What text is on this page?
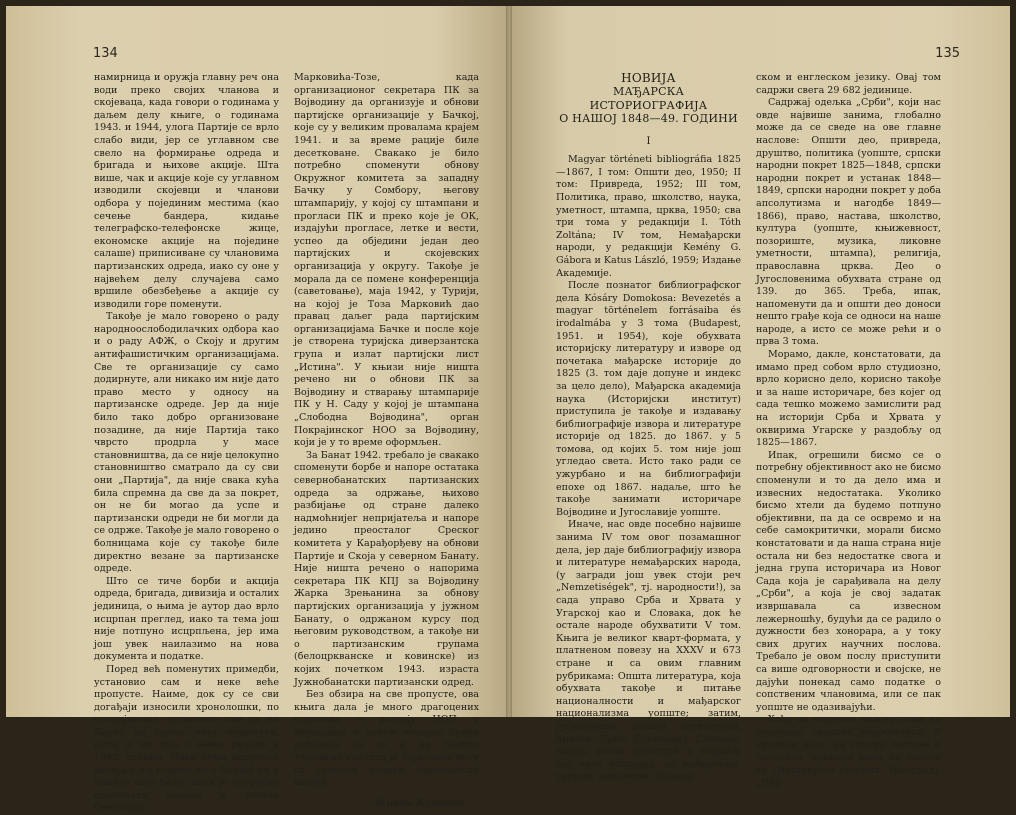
134

намирница и оружја главну реч она води преко својих чланова и скојеваца, када говори о годинама у даљем делу књиге, о годинама 1943. и 1944, улога Партије се врло слабо види, јер се углавном све свело на формирање одреда и бригада и њихове акције. Шта више, чак и акције које су углавном изводили скојевци и чланови одбора у појединим местима (као сечење бандера, кидање телеграфско-телефонске жице, економске акције на поједине салаше) приписиване су члановима партизанских одреда, иако су оне у највећем делу случајева само вршиле обезбеђење а акције су изводили горе поменути.

Такође је мало говорено о раду народноослободилачких одбора као и о раду АФЖ, о Скоју и другим антифашистичким организацијама. Све те организације су само додирнуте, али никако им није дато право место у односу на партизанске одреде. Јер да није било тако добро организоване позадине, да није Партија тако чврсто продрла у масе становништва, да се није целокупно становништво сматрало да су сви они „Партија", да није свака кућа била спремна да све да за покрет, он не би могао да успе и партизански одреди не би могли да се одрже. Такође је мало говорено о болницама које су такође биле директно везане за партизанске одреде.

Што се тиче борби и акција одреда, бригада, дивизија и осталих јединица, о њима је аутор дао врло исцрпан преглед, иако та тема још није потпуно исцрпљена, јер има још увек наилазимо на нова документа и податке.

Поред већ поменутих примедби, установио сам и неке веће пропусте. Наиме, док су се сви догађаји износили хронолошки, по покрајинама, установио сам да ни Банат ни Бачка нису поменути, нити је ма шта о њима речено у 1942. години. Иако нема наручито акција у тој години ни у Бачкој ни у Банату није било, ипак је потребно споменути напоре и успехе Светозара

Марковића-Тозе, када организационог секретара ПК за Војводину да организује и обнови партијске организације у Бачкој, које су у великим провалама крајем 1941. и за време рације биле десетковане. Свакако је било потребно споменути обнову Окружног комитета за западну Бачку у Сомбору, његову штампарију, у којој су штампани и прогласи ПК и преко које је ОК, издајући прогласе, летке и вести, успео да обједини један део партијских и скојевских организација у округу. Такође је морала да се помене конференција (саветовање), маја 1942, у Турији, на којој је Тоза Марковић дао правац даљег рада партијским организацијама Бачке и после које је створена туријска диверзантска група и излат партијски лист „Истина". У књизи није ништа речено ни о обнови ПК за Војводину и стварању штампарије ПК у Н. Саду у којој је штампана „Слободна Војводина", орган Покрајинског НОО за Војводину, који је у то време оформљен.

За Банат 1942. требало је свакако споменути борбе и напоре остатака севернобанатских партизанских одреда за одржање, њихово разбијање од стране далеко надмоћнијег непријатеља и напоре једино преосталог Среског комитета у Карађорђеву на обнови Партије и Скоја у северном Банату. Није ништа речено о напорима секретара ПК КПЈ за Војводину Жарка Зрењанина за обнову партијских организација у јужном Банату, о одржаном курсу под његовим руководством, а такође ни о партизанским групама (белоцркванске и ковинске) из којих почетком 1943. израста Јужнобанатски партизански одред.

Без обзира на све пропусте, ова књига дала је много драгоцених података о развоју НОП у Војводини и путем изворне грађе доказала да се и на таквим теренима као што је Војводина могу са успехом водити партизанске акције.

Живан Куманов
135
НОВИЈА
МАЂАРСКА ИСТОРИОГРАФИЈА
О НАШОЈ 1848—49. ГОДИНИ
I

Magyar történeti bibliográfia 1825—1867, I том: Општи део, 1950; II том: Привреда, 1952; III том, Политика, право, школство, наука, уметност, штампа, црква, 1950; сва три тома у редакцији I. Tóth Zoltána; IV том, Немађарски народи, у редакцији Keмény G. Gábora и Katus László, 1959; Издање Академије.

После познатог библиографског дела Kósáry Domokosa: Bevezetés a magyar történelem forrásaiba és irodalmába у 3 тома (Budapest, 1951. и 1954), које обухвата историјску литературу и изворе од почетака мађарске историје до 1825 (3. том даје допуне и индекс за цело дело), Мађарска академија наука (Историјски институт) приступила је такође и издавању библиографије извора и литературе историје од 1825. до 1867. у 5 томова, од којих 5. том није још угледао света. Исто тако ради се ужурбано и на библиографији епохе од 1867. надаље, што ће такође занимати историчаре Војводине и Југославије уопште.

Иначе, нас овде посебно највише занима IV том овог позамашног дела, јер даје библиографију извора и литературе немађарских народа, (у загради још увек стоји реч „Nemzetiségek", тј. народности!), за сада управо Срба и Хрвата у Угарској као и Словака, док ће остале народе обухватити V том. Књига је великог кварт-формата, у платненом повезу на XXXV и 673 стране и са овим главним рубрикама: Општа литература, која обухвата такође и питање националности и мађарског национализма уопште; затим, Југословени (општа литература, Хрвати, Срби, Словенци), Словаци, најзад разни регистри и садржај дат врло опширно, на мађарском, руском, немачком, францу-

ском и енглеском језику. Овај том садржи свега 29 682 јединице.

Садржај одељка „Срби", који нас овде највише занима, глобално може да се сведе на ове главне наслове: Општи део, привреда, друштво, политика (уопште, српски народни покрет 1825—1848, српски народни покрет и устанак 1848—1849, српски народни покрет у доба апсолутизма и нагодбе 1849—1866), право, настава, школство, култура (уопште, књижевност, позориште, музика, ликовне уметности, штампа), религија, православна црква. Део о Југословенима обухвата стране од 139. до 365. Треба, ипак, напоменути да и општи део доноси нешто грађе која се односи на наше народе, а исто се може рећи и о прва 3 тома.

Морамо, дакле, констатовати, да имамо пред собом врло студиозно, врло корисно дело, корисно такође и за наше историчаре, без којег од сада тешко можемо замислити рад на историји Срба и Хрвата у оквирима Угарске у раздобљу од 1825—1867.

Ипак, огрешили бисмо се о потребну објективност ако не бисмо споменули и то да дело има и извесних недостатака. Уколико бисмо хтели да будемо потпуно објективни, па да се освремо и на себе самокритички, морали бисмо констатовати и да наша страна није остала ни без недостатке свога и једна група историчара из Новог Сада која је сарађивала на делу „Срби", а која је свој задатак извршавала са извесном лежерношћу, будући да се радило о дужности без хонорара, а у току свих других научних послова. Требало је овом послу приступити са више одговорности и својске, не дајући понекад само податке о сопственим члановима, или се пак уопште не одазивајући.

Хоћу да скренем пажњу само на неколико оваквих недостатака. У уводном делу, на списку листова и часописа, примера ради, не налази се „Историјски гласник" (Београд), „Нер-
